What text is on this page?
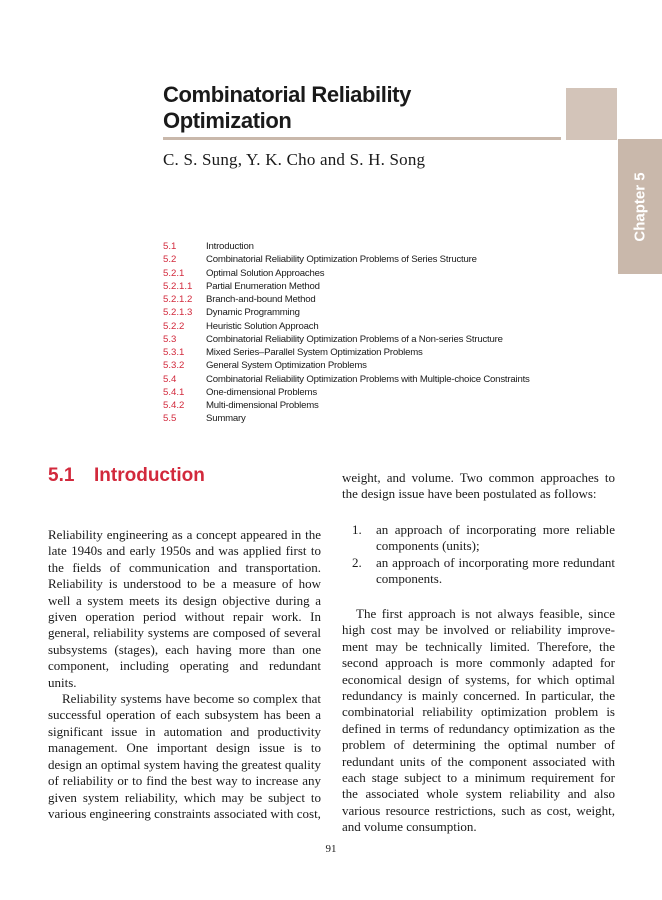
Combinatorial Reliability
Optimization
Chapter 5

C. S. Sung, Y. K. Cho and S. H. Song

5.1	Introduction
5.2	Combinatorial Reliability Optimization Problems of Series Structure
5.2.1 Optimal Solution Approaches
5.2.1.1 Partial Enumeration Method
5.2.1.2 Branch-and-bound Method
5.2.1.3 Dynamic Programming
5.2.2 Heuristic Solution Approach
5.3	Combinatorial Reliability Optimization Problems of a Non-series Structure
5.3.1 Mixed Series–Parallel System Optimization Problems
5.3.2 General System Optimization Problems
5.4	Combinatorial Reliability Optimization Problems with Multiple-choice Constraints
5.4.1 One-dimensional Problems
5.4.2 Multi-dimensional Problems
5.5	Summary
5.1 Introduction

Reliability engineering as a concept appeared in the late 1940s and early 1950s and was applied first to the fields of communication and transportation. Reliability is understood to be a measure of how well a system meets its design objective during a given operation period without repair work. In general, reliability systems are composed of several subsystems (stages), each having more than one component, including operating and redundant units.

Reliability systems have become so complex that successful operation of each subsystem has been a significant issue in automation and productivity management. One important design issue is to design an optimal system having the greatest quality of reliability or to find the best way to increase any given system reliability, which may be subject to various engineering constraints associated with cost,

weight, and volume. Two common approaches to the design issue have been postulated as follows:

1. an approach of incorporating more reliable components (units);
2. an approach of incorporating more redundant components.

The first approach is not always feasible, since high cost may be involved or reliability improvement may be technically limited. Therefore, the second approach is more commonly adapted for economical design of systems, for which optimal redundancy is mainly concerned. In particular, the combinatorial reliability optimization problem is defined in terms of redundancy optimization as the problem of determining the optimal number of redundant units of the component associated with each stage subject to a minimum requirement for the associated whole system reliability and also various resource restrictions, such as cost, weight, and volume consumption.

91
